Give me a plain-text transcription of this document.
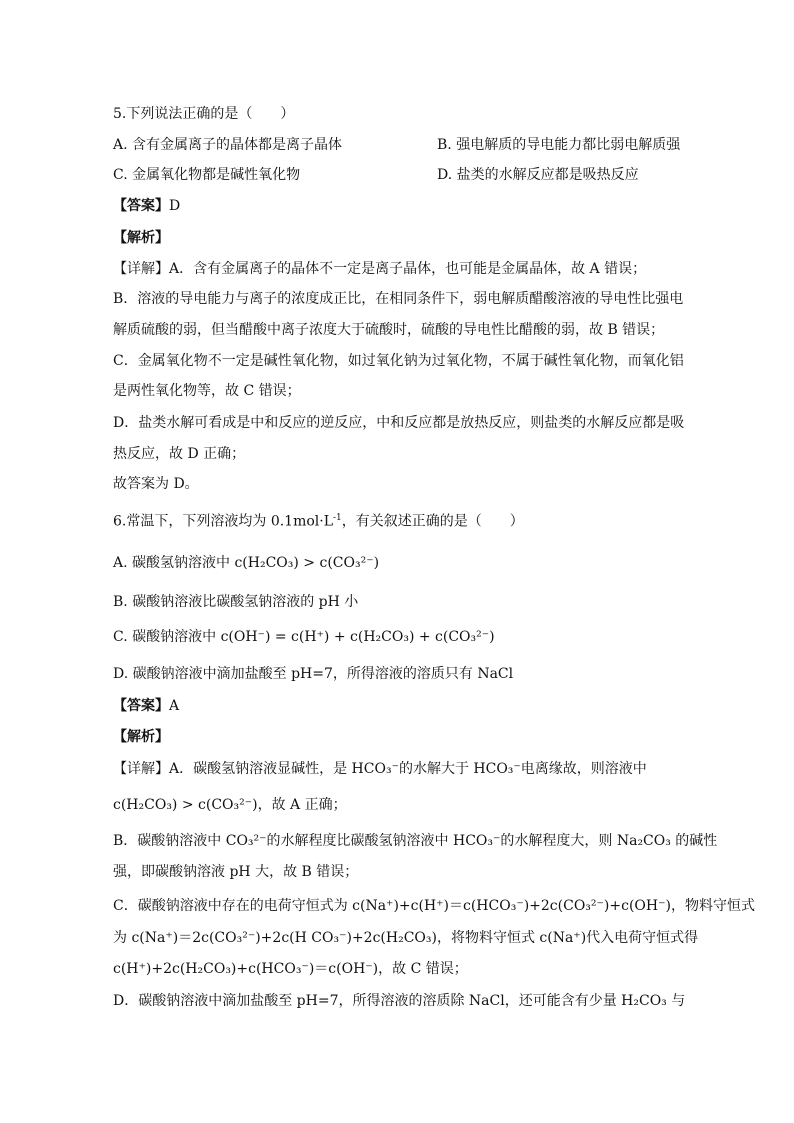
5.下列说法正确的是（　　）
A. 含有金属离子的晶体都是离子晶体	B. 强电解质的导电能力都比弱电解质强
C. 金属氧化物都是碱性氧化物	D. 盐类的水解反应都是吸热反应
【答案】D
【解析】
【详解】A．含有金属离子的晶体不一定是离子晶体，也可能是金属晶体，故 A 错误；
B．溶液的导电能力与离子的浓度成正比，在相同条件下，弱电解质醋酸溶液的导电性比强电
解质硫酸的弱，但当醋酸中离子浓度大于硫酸时，硫酸的导电性比醋酸的弱，故 B 错误；
C．金属氧化物不一定是碱性氧化物，如过氧化钠为过氧化物，不属于碱性氧化物，而氧化铝
是两性氧化物等，故 C 错误；
D．盐类水解可看成是中和反应的逆反应，中和反应都是放热反应，则盐类的水解反应都是吸
热反应，故 D 正确；
故答案为 D。
6.常温下，下列溶液均为 $0.1mol\cdot L^{-1}$，有关叙述正确的是（　　）
A. 碳酸氢钠溶液中 c(H₂CO₃) > c(CO₃²⁻)
B. 碳酸钠溶液比碳酸氢钠溶液的 pH 小
C. 碳酸钠溶液中 c(OH⁻) = c(H⁺) + c(H₂CO₃) + c(CO₃²⁻)
D. 碳酸钠溶液中滴加盐酸至 pH=7，所得溶液的溶质只有 NaCl
【答案】A
【解析】
【详解】A．碳酸氢钠溶液显碱性，是 HCO₃⁻的水解大于 HCO₃⁻电离缘故，则溶液中
c(H₂CO₃) > c(CO₃²⁻)，故 A 正确；
B．碳酸钠溶液中 CO₃²⁻的水解程度比碳酸氢钠溶液中 HCO₃⁻的水解程度大，则 Na₂CO₃ 的碱性
强，即碳酸钠溶液 pH 大，故 B 错误；
C．碳酸钠溶液中存在的电荷守恒式为 c(Na⁺)+c(H⁺)＝c(HCO₃⁻)+2c(CO₃²⁻)+c(OH⁻)，物料守恒式
为 c(Na⁺)＝2c(CO₃²⁻)+2c(H CO₃⁻)+2c(H₂CO₃)，将物料守恒式 c(Na⁺)代入电荷守恒式得
c(H⁺)+2c(H₂CO₃)+c(HCO₃⁻)＝c(OH⁻)，故 C 错误；
D．碳酸钠溶液中滴加盐酸至 pH=7，所得溶液的溶质除 NaCl，还可能含有少量 H₂CO₃ 与
